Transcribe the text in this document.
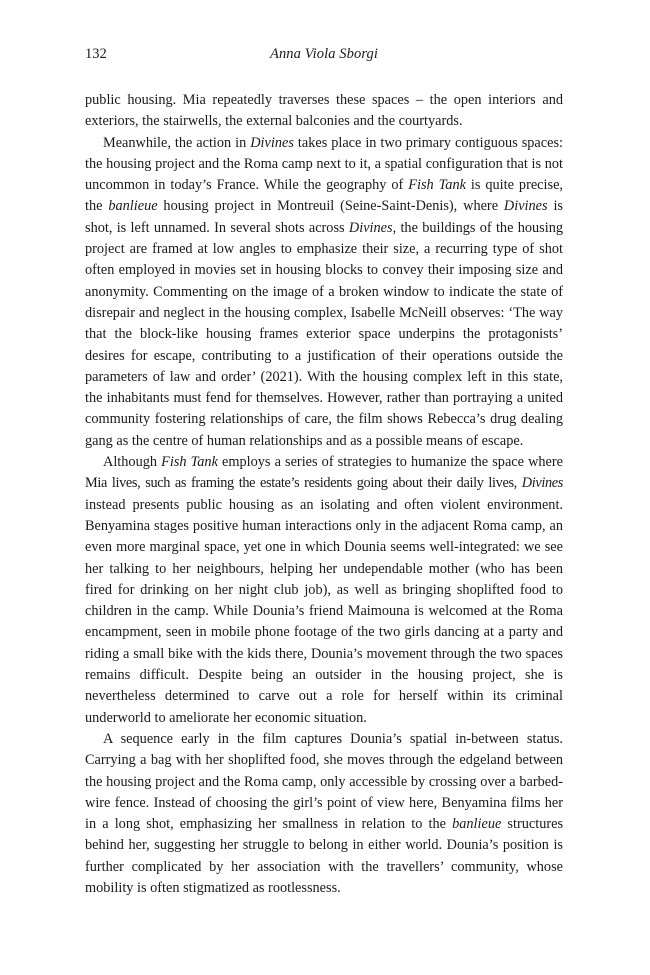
132	Anna Viola Sborgi

public housing. Mia repeatedly traverses these spaces – the open interiors and exteriors, the stairwells, the external balconies and the courtyards.

Meanwhile, the action in Divines takes place in two primary contiguous spaces: the housing project and the Roma camp next to it, a spatial configuration that is not uncommon in today’s France. While the geography of Fish Tank is quite precise, the banlieue housing project in Montreuil (Seine-Saint-Denis), where Divines is shot, is left unnamed. In several shots across Divines, the buildings of the housing project are framed at low angles to emphasize their size, a recurring type of shot often employed in movies set in housing blocks to convey their imposing size and anonymity. Commenting on the image of a broken window to indicate the state of disrepair and neglect in the housing complex, Isabelle McNeill observes: ‘The way that the block-like housing frames exterior space underpins the protagonists’ desires for escape, contributing to a justification of their operations outside the parameters of law and order’ (2021). With the housing complex left in this state, the inhabitants must fend for themselves. However, rather than portraying a united community fostering relationships of care, the film shows Rebecca’s drug dealing gang as the centre of human relationships and as a possible means of escape.

Although Fish Tank employs a series of strategies to humanize the space where Mia lives, such as framing the estate’s residents going about their daily lives, Divines instead presents public housing as an isolating and often violent environment. Benyamina stages positive human interactions only in the adjacent Roma camp, an even more marginal space, yet one in which Dounia seems well-integrated: we see her talking to her neighbours, helping her undependable mother (who has been fired for drinking on her night club job), as well as bringing shoplifted food to children in the camp. While Dounia’s friend Maimouna is welcomed at the Roma encampment, seen in mobile phone footage of the two girls dancing at a party and riding a small bike with the kids there, Dounia’s movement through the two spaces remains difficult. Despite being an outsider in the housing project, she is nevertheless determined to carve out a role for herself within its criminal underworld to ameliorate her economic situation.

A sequence early in the film captures Dounia’s spatial in-between status. Carrying a bag with her shoplifted food, she moves through the edgeland between the housing project and the Roma camp, only accessible by crossing over a barbed-wire fence. Instead of choosing the girl’s point of view here, Benyamina films her in a long shot, emphasizing her smallness in relation to the banlieue structures behind her, suggesting her struggle to belong in either world. Dounia’s position is further complicated by her association with the travellers’ community, whose mobility is often stigmatized as rootlessness.
